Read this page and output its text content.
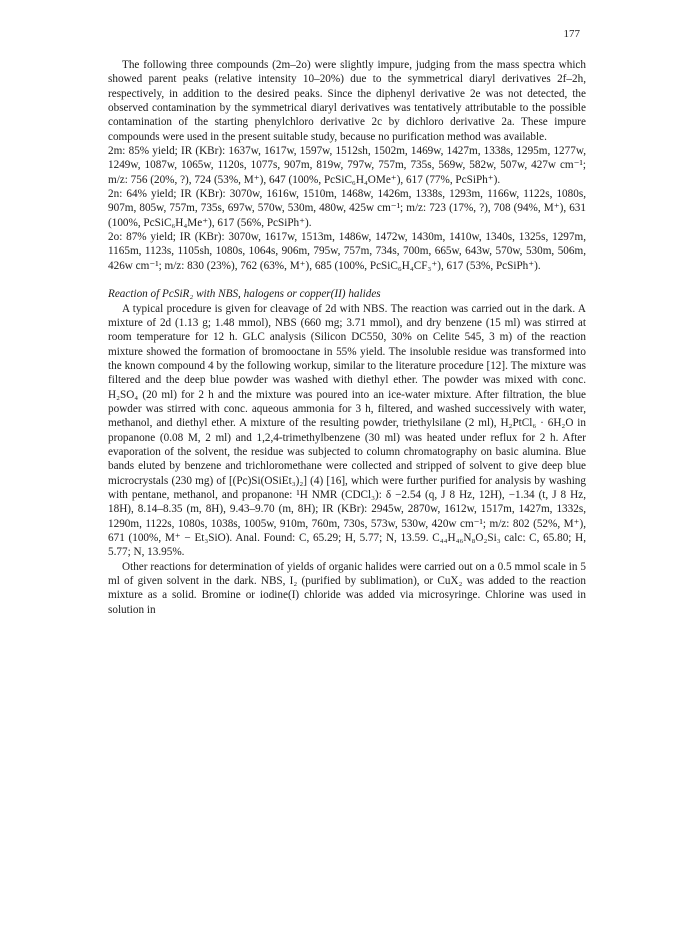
177

The following three compounds (2m–2o) were slightly impure, judging from the mass spectra which showed parent peaks (relative intensity 10–20%) due to the symmetrical diaryl derivatives 2f–2h, respectively, in addition to the desired peaks. Since the diphenyl derivative 2e was not detected, the observed contamination by the symmetrical diaryl derivatives was tentatively attributable to the possible contamination of the starting phenylchloro derivative 2c by dichloro derivative 2a. These impure compounds were used in the present suitable study, because no purification method was available.

2m: 85% yield; IR (KBr): 1637w, 1617w, 1597w, 1512sh, 1502m, 1469w, 1427m, 1338s, 1295m, 1277w, 1249w, 1087w, 1065w, 1120s, 1077s, 907m, 819w, 797w, 757m, 735s, 569w, 582w, 507w, 427w cm⁻¹; m/z: 756 (20%, ?), 724 (53%, M⁺), 647 (100%, PcSiC₆H₄OMe⁺), 617 (77%, PcSiPh⁺).

2n: 64% yield; IR (KBr): 3070w, 1616w, 1510m, 1468w, 1426m, 1338s, 1293m, 1166w, 1122s, 1080s, 907m, 805w, 757m, 735s, 697w, 570w, 530m, 480w, 425w cm⁻¹; m/z: 723 (17%, ?), 708 (94%, M⁺), 631 (100%, PcSiC₆H₄Me⁺), 617 (56%, PcSiPh⁺).

2o: 87% yield; IR (KBr): 3070w, 1617w, 1513m, 1486w, 1472w, 1430m, 1410w, 1340s, 1325s, 1297m, 1165m, 1123s, 1105sh, 1080s, 1064s, 906m, 795w, 757m, 734s, 700m, 665w, 643w, 570w, 530m, 506m, 426w cm⁻¹; m/z: 830 (23%), 762 (63%, M⁺), 685 (100%, PcSiC₆H₄CF₃⁺), 617 (53%, PcSiPh⁺).

Reaction of PcSiR₂ with NBS, halogens or copper(II) halides

A typical procedure is given for cleavage of 2d with NBS. The reaction was carried out in the dark. A mixture of 2d (1.13 g; 1.48 mmol), NBS (660 mg; 3.71 mmol), and dry benzene (15 ml) was stirred at room temperature for 12 h. GLC analysis (Silicon DC550, 30% on Celite 545, 3 m) of the reaction mixture showed the formation of bromooctane in 55% yield. The insoluble residue was transformed into the known compound 4 by the following workup, similar to the literature procedure [12]. The mixture was filtered and the deep blue powder was washed with diethyl ether. The powder was mixed with conc. H₂SO₄ (20 ml) for 2 h and the mixture was poured into an ice-water mixture. After filtration, the blue powder was stirred with conc. aqueous ammonia for 3 h, filtered, and washed successively with water, methanol, and diethyl ether. A mixture of the resulting powder, triethylsilane (2 ml), H₂PtCl₆ · 6H₂O in propanone (0.08 M, 2 ml) and 1,2,4-trimethylbenzene (30 ml) was heated under reflux for 2 h. After evaporation of the solvent, the residue was subjected to column chromatography on basic alumina. Blue bands eluted by benzene and trichloromethane were collected and stripped of solvent to give deep blue microcrystals (230 mg) of [(Pc)Si(OSiEt₃)₂] (4) [16], which were further purified for analysis by washing with pentane, methanol, and propanone: ¹H NMR (CDCl₃): δ −2.54 (q, J 8 Hz, 12H), −1.34 (t, J 8 Hz, 18H), 8.14–8.35 (m, 8H), 9.43–9.70 (m, 8H); IR (KBr): 2945w, 2870w, 1612w, 1517m, 1427m, 1332s, 1290m, 1122s, 1080s, 1038s, 1005w, 910m, 760m, 730s, 573w, 530w, 420w cm⁻¹; m/z: 802 (52%, M⁺), 671 (100%, M⁺ − Et₃SiO). Anal. Found: C, 65.29; H, 5.77; N, 13.59. C₄₄H₄₆N₈O₂Si₃ calc: C, 65.80; H, 5.77; N, 13.95%.

Other reactions for determination of yields of organic halides were carried out on a 0.5 mmol scale in 5 ml of given solvent in the dark. NBS, I₂ (purified by sublimation), or CuX₂ was added to the reaction mixture as a solid. Bromine or iodine(I) chloride was added via microsyringe. Chlorine was used in solution in
